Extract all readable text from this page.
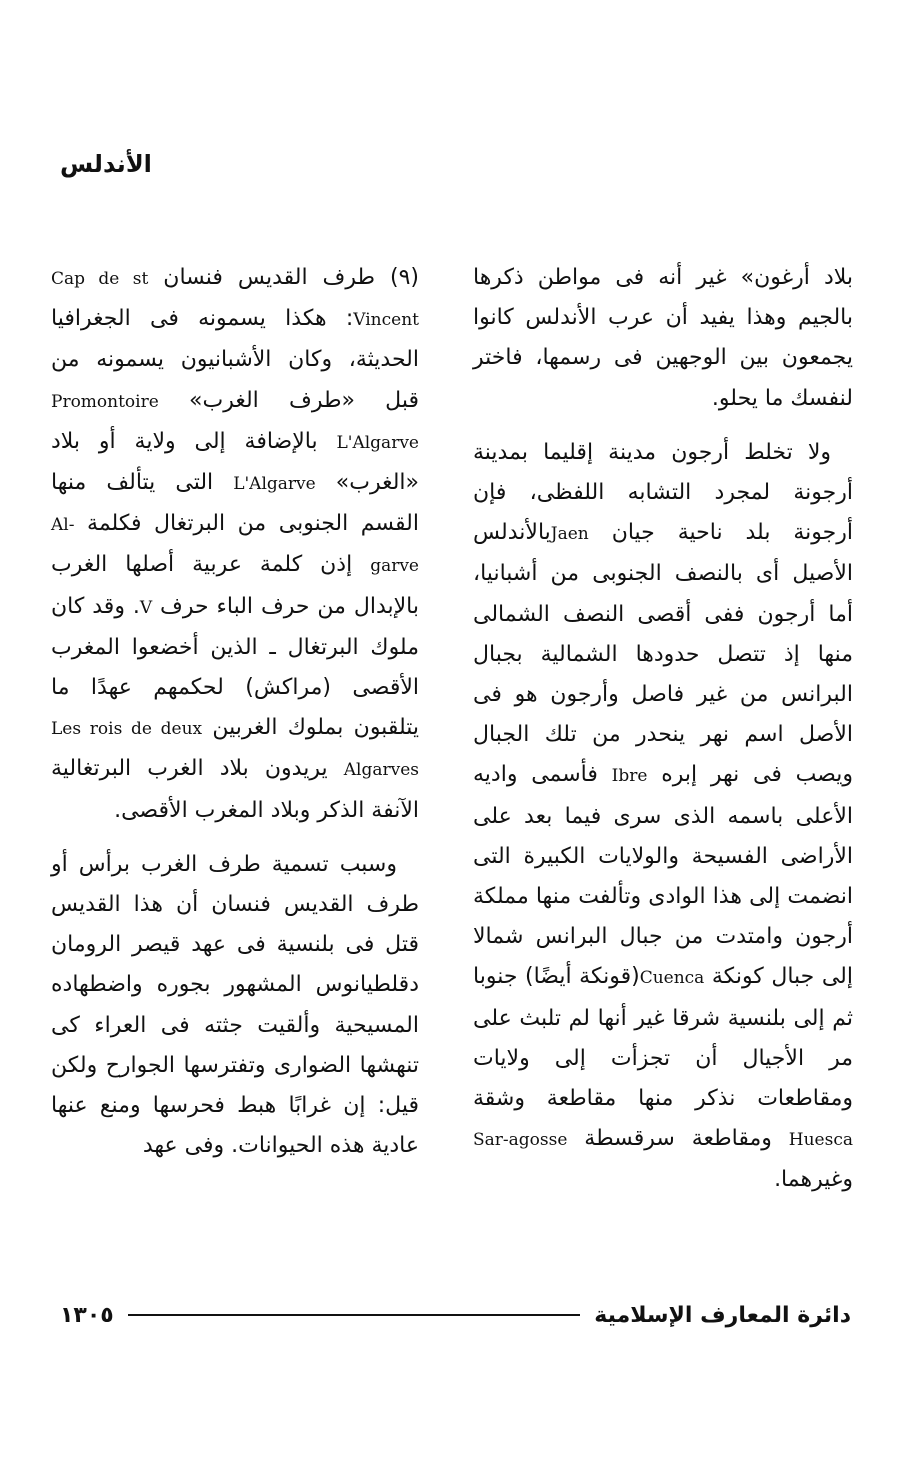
الأندلس

بلاد أرغون» غير أنه فى مواطن ذكرها بالجيم وهذا يفيد أن عرب الأندلس كانوا يجمعون بين الوجهين فى رسمها، فاختر لنفسك ما يحلو.

ولا تخلط أرجون مدينة إقليما بمدينة أرجونة لمجرد التشابه اللفظى، فإن أرجونة بلد ناحية جيان Jaenبالأندلس الأصيل أى بالنصف الجنوبى من أشبانيا، أما أرجون ففى أقصى النصف الشمالى منها إذ تتصل حدودها الشمالية بجبال البرانس من غير فاصل وأرجون هو فى الأصل اسم نهر ينحدر من تلك الجبال ويصب فى نهر إبره Ibre فأسمى واديه الأعلى باسمه الذى سرى فيما بعد على الأراضى الفسيحة والولايات الكبيرة التى انضمت إلى هذا الوادى وتألفت منها مملكة أرجون وامتدت من جبال البرانس شمالا إلى جبال كونكة Cuenca(قونكة أيضًا) جنوبا ثم إلى بلنسية شرقا غير أنها لم تلبث على مر الأجيال أن تجزأت إلى ولايات ومقاطعات نذكر منها مقاطعة وشقة Huesca ومقاطعة سرقسطة Sar-agosse وغيرهما.

(٩) طرف القديس فنسان Cap de st Vincent: هكذا يسمونه فى الجغرافيا الحديثة، وكان الأشبانيون يسمونه من قبل «طرف الغرب» Promontoire L'Algarve بالإضافة إلى ولاية أو بلاد «الغرب» L'Algarve التى يتألف منها القسم الجنوبى من البرتغال فكلمة Al-garve إذن كلمة عربية أصلها الغرب بالإبدال من حرف الباء حرف V. وقد كان ملوك البرتغال ـ الذين أخضعوا المغرب الأقصى (مراكش) لحكمهم عهدًا ما يتلقبون بملوك الغربين Les rois de deux Algarves يريدون بلاد الغرب البرتغالية الآنفة الذكر وبلاد المغرب الأقصى.

وسبب تسمية طرف الغرب برأس أو طرف القديس فنسان أن هذا القديس قتل فى بلنسية فى عهد قيصر الرومان دقلطيانوس المشهور بجوره واضطهاده المسيحية وألقيت جثته فى العراء كى تنهشها الضوارى وتفترسها الجوارح ولكن قيل: إن غرابًا هبط فحرسها ومنع عنها عادية هذه الحيوانات. وفى عهد

دائرة المعارف الإسلامية
١٣٠٥
